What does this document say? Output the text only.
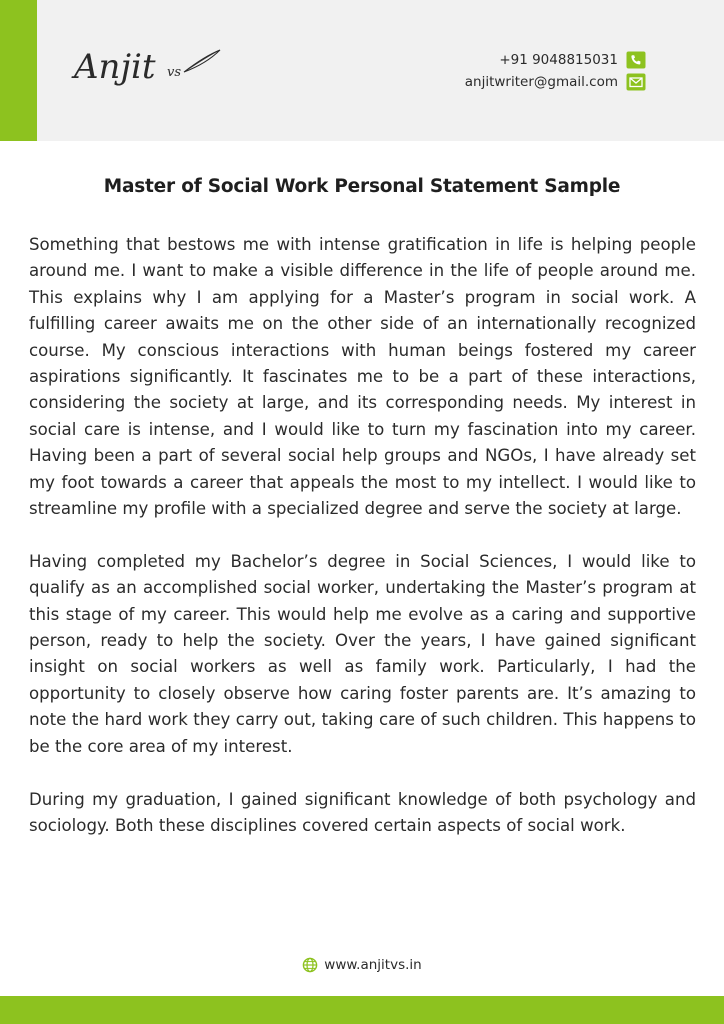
Anjit vs
+91 9048815031
anjitwriter@gmail.com
Master of Social Work Personal Statement Sample

Something that bestows me with intense gratification in life is helping people around me. I want to make a visible difference in the life of people around me. This explains why I am applying for a Master’s program in social work. A fulfilling career awaits me on the other side of an internationally recognized course. My conscious interactions with human beings fostered my career aspirations significantly. It fascinates me to be a part of these interactions, considering the society at large, and its corresponding needs. My interest in social care is intense, and I would like to turn my fascination into my career. Having been a part of several social help groups and NGOs, I have already set my foot towards a career that appeals the most to my intellect. I would like to streamline my profile with a specialized degree and serve the society at large.

Having completed my Bachelor’s degree in Social Sciences, I would like to qualify as an accomplished social worker, undertaking the Master’s program at this stage of my career. This would help me evolve as a caring and supportive person, ready to help the society. Over the years, I have gained significant insight on social workers as well as family work. Particularly, I had the opportunity to closely observe how caring foster parents are. It’s amazing to note the hard work they carry out, taking care of such children. This happens to be the core area of my interest.

During my graduation, I gained significant knowledge of both psychology and sociology. Both these disciplines covered certain aspects of social work.

www.anjitvs.in
